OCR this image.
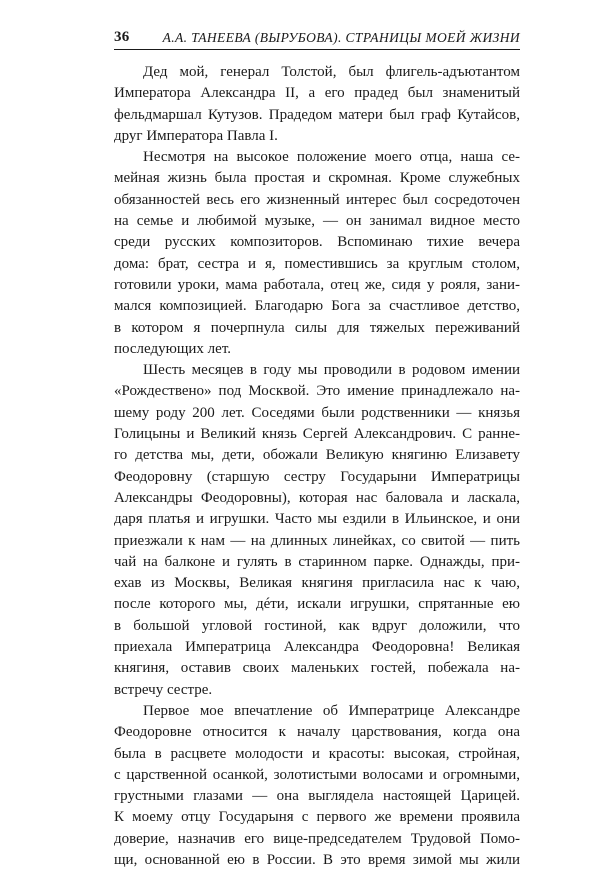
36 А.А. ТАНЕЕВА (ВЫРУБОВА). СТРАНИЦЫ МОЕЙ ЖИЗНИ
Дед мой, генерал Толстой, был флигель-адъютантом
Императора Александра II, а его прадед был знаменитый
фельдмаршал Кутузов. Прадедом матери был граф Кутайсов,
друг Императора Павла I.
Несмотря на высокое положение моего отца, наша се-
мейная жизнь была простая и скромная. Кроме служебных
обязанностей весь его жизненный интерес был сосредоточен
на семье и любимой музыке, — он занимал видное место
среди русских композиторов. Вспоминаю тихие вечера
дома: брат, сестра и я, поместившись за круглым столом,
готовили уроки, мама работала, отец же, сидя у рояля, зани-
мался композицией. Благодарю Бога за счастливое детство,
в котором я почерпнула силы для тяжелых переживаний
последующих лет.
Шесть месяцев в году мы проводили в родовом имении
«Рождествено» под Москвой. Это имение принадлежало на-
шему роду 200 лет. Соседями были родственники — князья
Голицыны и Великий князь Сергей Александрович. С ранне-
го детства мы, дети, обожали Великую княгиню Елизавету
Феодоровну (старшую сестру Государыни Императрицы
Александры Феодоровны), которая нас баловала и ласкала,
даря платья и игрушки. Часто мы ездили в Ильинское, и они
приезжали к нам — на длинных линейках, со свитой — пить
чай на балконе и гулять в старинном парке. Однажды, при-
ехав из Москвы, Великая княгиня пригласила нас к чаю,
после которого мы, дéти, искали игрушки, спрятанные ею
в большой угловой гостиной, как вдруг доложили, что
приехала Императрица Александра Феодоровна! Великая
княгиня, оставив своих маленьких гостей, побежала на-
встречу сестре.
Первое мое впечатление об Императрице Александре
Феодоровне относится к началу царствования, когда она
была в расцвете молодости и красоты: высокая, стройная,
с царственной осанкой, золотистыми волосами и огромными,
грустными глазами — она выглядела настоящей Царицей.
К моему отцу Государыня с первого же времени проявила
доверие, назначив его вице-председателем Трудовой Помо-
щи, основанной ею в России. В это время зимой мы жили
